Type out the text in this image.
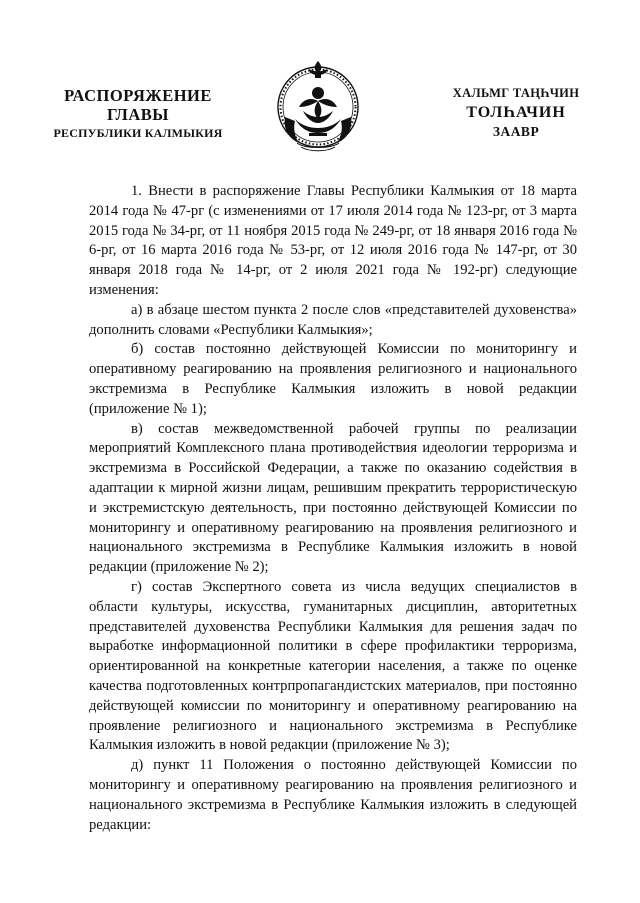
РАСПОРЯЖЕНИЕ
ГЛАВЫ
РЕСПУБЛИКИ КАЛМЫКИЯ
ХАЛЬМГ ТАҢҺЧИН
ТОЛҺАЧИН
ЗААВР

1. Внести в распоряжение Главы Республики Калмыкия от 18 марта 2014 года № 47-рг (с изменениями от 17 июля 2014 года № 123-рг, от 3 марта 2015 года № 34-рг, от 11 ноября 2015 года № 249-рг, от 18 января 2016 года № 6-рг, от 16 марта 2016 года № 53-рг, от 12 июля 2016 года № 147-рг, от 30 января 2018 года № 14-рг, от 2 июля 2021 года № 192-рг) следующие изменения:

а) в абзаце шестом пункта 2 после слов «представителей духовенства» дополнить словами «Республики Калмыкия»;

б) состав постоянно действующей Комиссии по мониторингу и оперативному реагированию на проявления религиозного и национального экстремизма в Республике Калмыкия изложить в новой редакции (приложение № 1);

в) состав межведомственной рабочей группы по реализации мероприятий Комплексного плана противодействия идеологии терроризма и экстремизма в Российской Федерации, а также по оказанию содействия в адаптации к мирной жизни лицам, решившим прекратить террористическую и экстремистскую деятельность, при постоянно действующей Комиссии по мониторингу и оперативному реагированию на проявления религиозного и национального экстремизма в Республике Калмыкия изложить в новой редакции (приложение № 2);

г) состав Экспертного совета из числа ведущих специалистов в области культуры, искусства, гуманитарных дисциплин, авторитетных представителей духовенства Республики Калмыкия для решения задач по выработке информационной политики в сфере профилактики терроризма, ориентированной на конкретные категории населения, а также по оценке качества подготовленных контрпропагандистских материалов, при постоянно действующей комиссии по мониторингу и оперативному реагированию на проявление религиозного и национального экстремизма в Республике Калмыкия изложить в новой редакции (приложение № 3);

д) пункт 11 Положения о постоянно действующей Комиссии по мониторингу и оперативному реагированию на проявления религиозного и национального экстремизма в Республике Калмыкия изложить в следующей редакции:
